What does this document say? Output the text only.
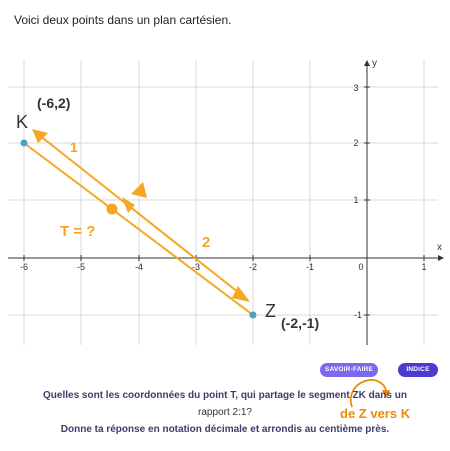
Voici deux points dans un plan cartésien.
x
y
-6	-5	-4	-3	-2	-1	0	1
3
2
1
-1
K
(-6,2)
Z
(-2,-1)
T = ?
1
2
SAVOIR-FAIRE	INDICE
Quelles sont les coordonnées du point T, qui partage le segment ZK dans un
rapport 2:1?	de Z vers K
Donne ta réponse en notation décimale et arrondis au centième près.
